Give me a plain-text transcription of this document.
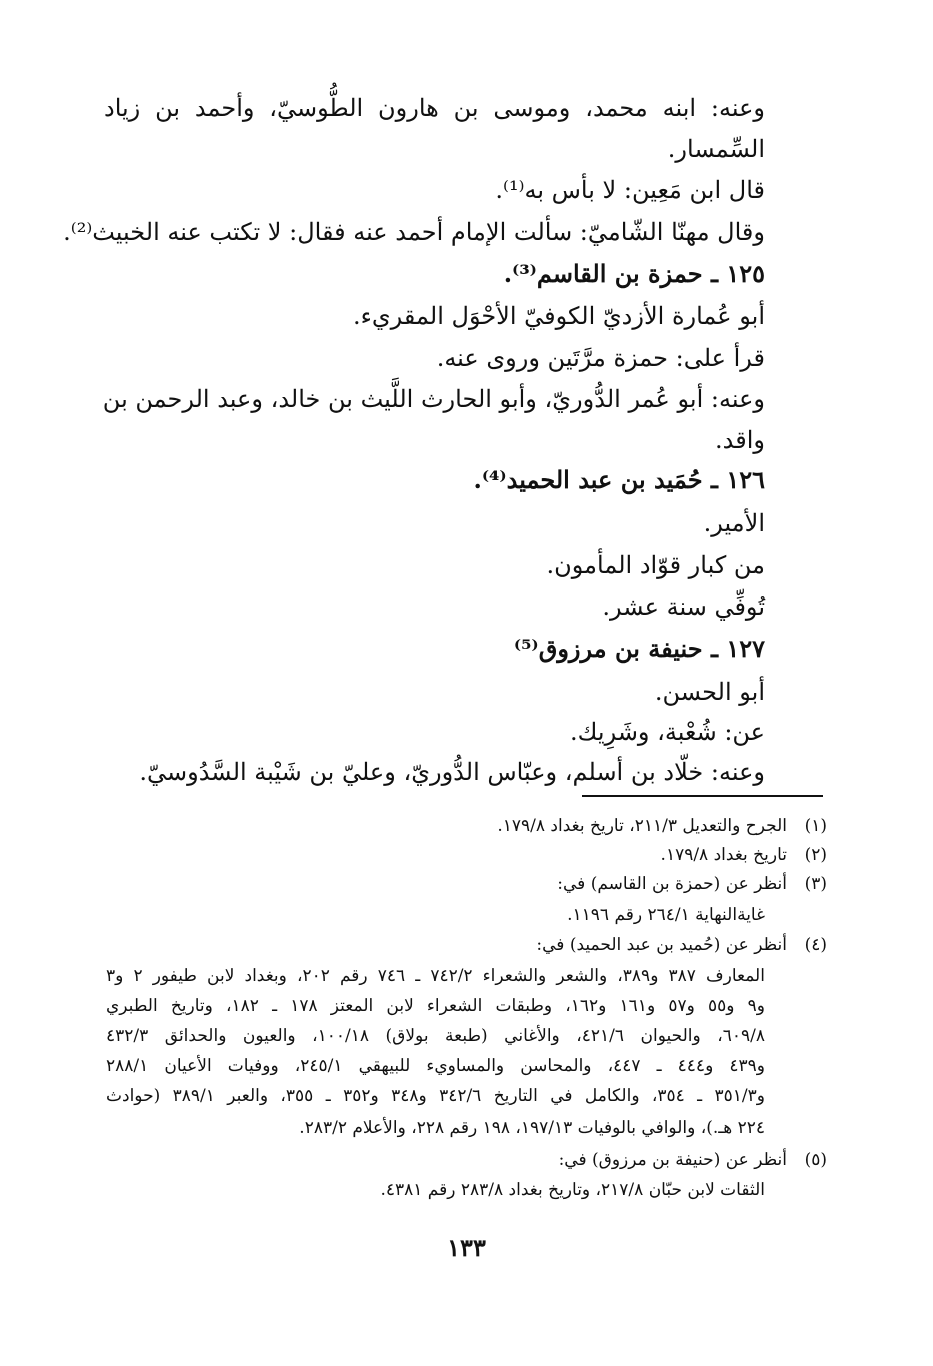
وعنه: ابنه محمد، وموسى بن هارون الطُّوسيّ، وأحمد بن زياد
السِّمسار.
قال ابن مَعِين: لا بأس به⁽¹⁾.
وقال مهنّا الشّاميّ: سألت الإمام أحمد عنه فقال: لا تكتب عنه الخبيث⁽²⁾.
١٢٥ ـ حمزة بن القاسم⁽³⁾.
أبو عُمارة الأزديّ الكوفيّ الأحْوَل المقريء.
قرأ على: حمزة مرَّتَين وروى عنه.
وعنه: أبو عُمر الدُّوريّ، وأبو الحارث اللَّيث بن خالد، وعبد الرحمن بن
واقد.
١٢٦ ـ حُمَيد بن عبد الحميد⁽⁴⁾.
الأمير.
من كبار قوّاد المأمون.
تُوفِّي سنة عشر.
١٢٧ ـ حنيفة بن مرزوق⁽⁵⁾
أبو الحسن.
عن: شُعْبة، وشَرِيك.
وعنه: خلّاد بن أسلم، وعبّاس الدُّوريّ، وعليّ بن شَيْبة السَّدُوسيّ.
(١)
الجرح والتعديل ٢١١/٣، تاريخ بغداد ١٧٩/٨.
(٢)
تاريخ بغداد ١٧٩/٨.
(٣)
أنظر عن (حمزة بن القاسم) في:
غايةالنهاية ٢٦٤/١ رقم ١١٩٦.
(٤)
أنظر عن (حُميد بن عبد الحميد) في:
المعارف ٣٨٧ و٣٨٩، والشعر والشعراء ٧٤٢/٢ ـ ٧٤٦ رقم ٢٠٢، وبغداد لابن طيفور ٢ و٣
و٩ و٥٥ و٥٧ و١٦١ و١٦٢، وطبقات الشعراء لابن المعتز ١٧٨ ـ ١٨٢، وتاريخ الطبري
٦٠٩/٨، والحيوان ٤٢١/٦، والأغاني (طبعة بولاق) ١٠٠/١٨، والعيون والحدائق ٤٣٢/٣
و٤٣٩ و٤٤٤ ـ ٤٤٧، والمحاسن والمساويء للبيهقي ٢٤٥/١، ووفيات الأعيان ٢٨٨/١
و٣٥١/٣ ـ ٣٥٤، والكامل في التاريخ ٣٤٢/٦ و٣٤٨ و٣٥٢ ـ ٣٥٥، والعبر ٣٨٩/١ (حوادث
٢٢٤ هـ.)، والوافي بالوفيات ١٩٧/١٣، ١٩٨ رقم ٢٢٨، والأعلام ٢٨٣/٢.
(٥)
أنظر عن (حنيفة بن مرزوق) في:
الثقات لابن حبّان ٢١٧/٨، وتاريخ بغداد ٢٨٣/٨ رقم ٤٣٨١.
١٣٣
